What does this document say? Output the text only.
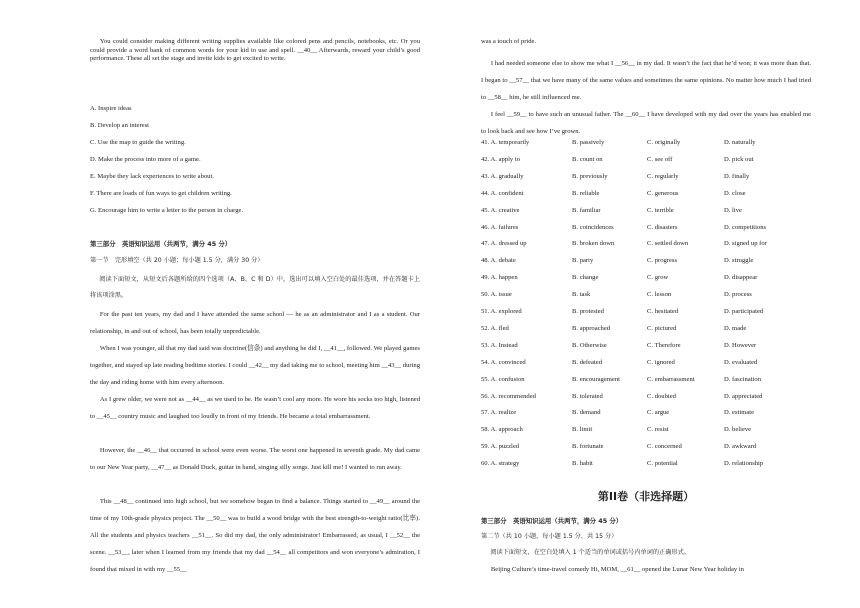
You could consider making different writing supplies available like colored pens and pencils, notebooks, etc. Or you could provide a word bank of common words for your kid to use and spell. __40__ Afterwards, reward your child’s good performance. These all set the stage and invite kids to get excited to write.

A. Inspire ideas
B. Develop an interest
C. Use the map to guide the writing.
D. Make the process into more of a game.
E. Maybe they lack experiences to write about.
F. There are loads of fun ways to get children writing.
G. Encourage him to write a letter to the person in charge.
第三部分　英语知识运用（共两节，满分 45 分）
第一节　完形填空（共 20 小题；每小题 1.5 分，满分 30 分）

阅读下面短文，从短文后各题所给的四个选项（A、B、C 和 D）中，选出可以填入空白处的最佳选项，并在答题卡上将该项涂黑。

For the past ten years, my dad and I have attended the same school — he as an administrator and I as a student. Our relationship, in and out of school, has been totally unpredictable.

When I was younger, all that my dad said was doctrine(信条) and anything he did I, __41__, followed. We played games together, and stayed up late reading bedtime stories. I could __42__ my dad taking me to school, meeting him __43__ during the day and riding home with him every afternoon.

As I grew older, we were not as __44__ as we used to be. He wasn’t cool any more. He wore his socks too high, listened to __45__ country music and laughed too loudly in front of my friends. He became a total embarrassment.

However, the __46__ that occurred in school were even worse. The worst one happened in seventh grade. My dad came to our New Year party, __47__ as Donald Duck, guitar in hand, singing silly songs. Just kill me! I wanted to run away.

This __48__ continued into high school, but we somehow began to find a balance. Things started to __49__ around the time of my 10th-grade physics project. The __50__ was to build a wood bridge with the best strength-to-weight ratio(比率). All the students and physics teachers __51__. So did my dad, the only administrator! Embarrassed, as usual, I __52__ the scene. __53__, later when I learned from my friends that my dad __54__ all competitors and won everyone’s admiration, I found that mixed in with my __55__

was a touch of pride.

I had needed someone else to show me what I __56__ in my dad. It wasn’t the fact that he’d won; it was more than that. I began to __57__ that we have many of the same values and sometimes the same opinions. No matter how much I had tried to __58__ him, he still influenced me.

I feel __59__ to have such an unusual father. The __60__ I have developed with my dad over the years has enabled me to look back and see how I’ve grown.

41. A. temporarily	B. passively	C. originally	D. naturally
42. A. apply to	B. count on	C. see off	D. pick out
43. A. gradually	B. previously	C. regularly	D. finally
44. A. confident	B. reliable	C. generous	D. close
45. A. creative	B. familiar	C. terrible	D. live
46. A. failures	B. coincidences	C. disasters	D. competitions
47. A. dressed up	B. broken down	C. settled down	D. signed up for
48. A. debate	B. party	C. progress	D. struggle
49. A. happen	B. change	C. grow	D. disappear
50. A. issue	B. task	C. lesson	D. process
51. A. explored	B. protested	C. hesitated	D. participated
52. A. fled	B. approached	C. pictured	D. made
53. A. Instead	B. Otherwise	C. Therefore	D. However
54. A. convinced	B. defeated	C. ignored	D. evaluated
55. A. confusion	B. encouragement	C. embarrassment	D. fascination
56. A. recommended	B. tolerated	C. doubted	D. appreciated
57. A. realize	B. demand	C. argue	D. estimate
58. A. approach	B. limit	C. resist	D. believe
59. A. puzzled	B. fortunate	C. concerned	D. awkward
60. A. strategy	B. habit	C. potential	D. relationship
第II卷（非选择题）
第三部分　英语知识运用（共两节，满分 45 分）
第二节（共 10 小题，每小题 1.5 分，共 15 分）

阅读下面短文，在空白处填入 1 个适当的单词或括号内单词的正确形式。

Beijing Culture’s time-travel comedy Hi, MOM, __61__ opened the Lunar New Year holiday in
